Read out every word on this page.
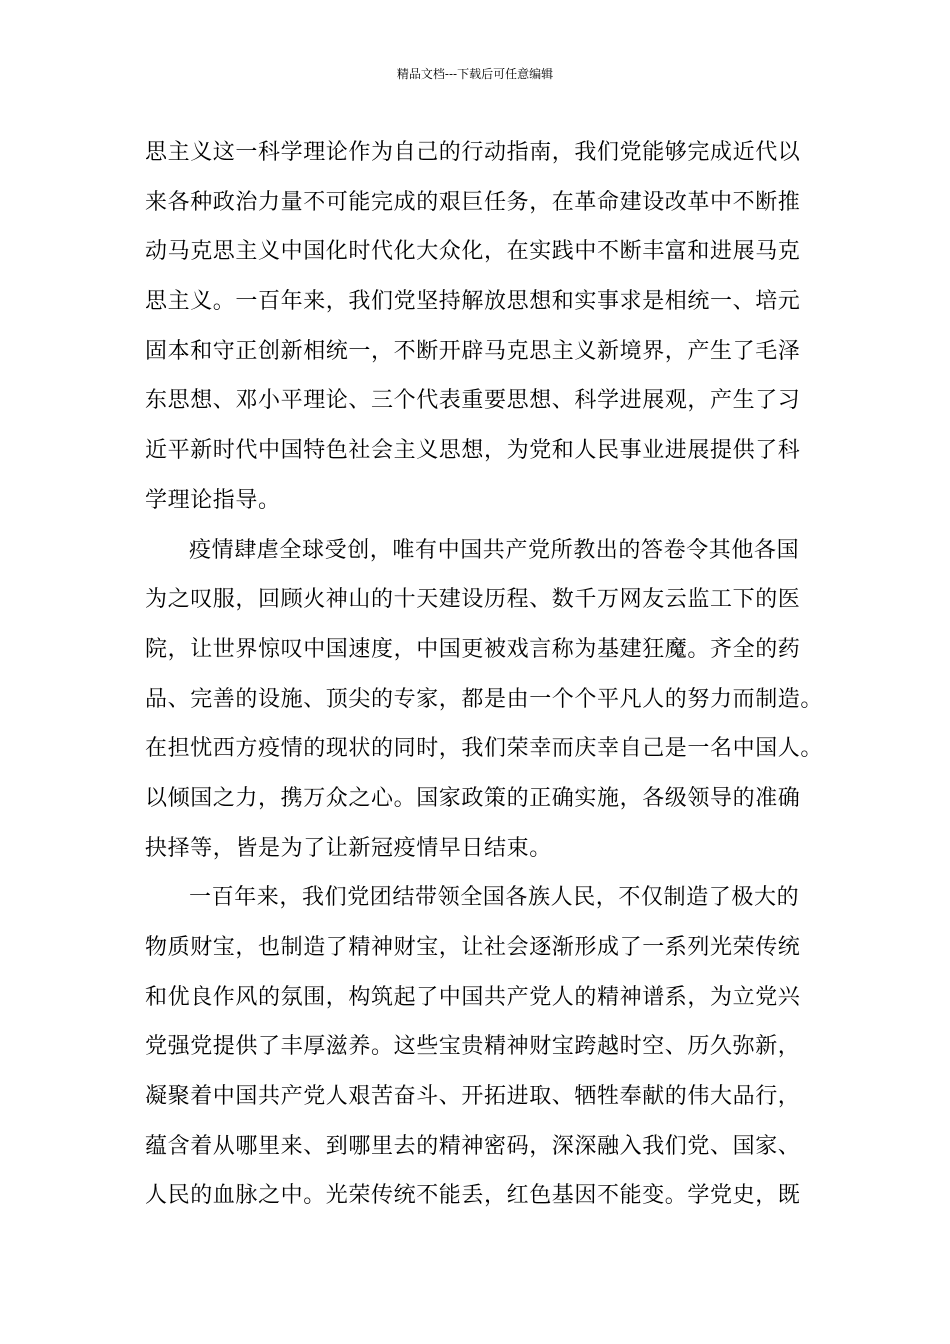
精品文档---下载后可任意编辑
思主义这一科学理论作为自己的行动指南，我们党能够完成近代以
来各种政治力量不可能完成的艰巨任务，在革命建设改革中不断推
动马克思主义中国化时代化大众化，在实践中不断丰富和进展马克
思主义。一百年来，我们党坚持解放思想和实事求是相统一、培元
固本和守正创新相统一，不断开辟马克思主义新境界，产生了毛泽
东思想、邓小平理论、三个代表重要思想、科学进展观，产生了习
近平新时代中国特色社会主义思想，为党和人民事业进展提供了科
学理论指导。
疫情肆虐全球受创，唯有中国共产党所教出的答卷令其他各国
为之叹服，回顾火神山的十天建设历程、数千万网友云监工下的医
院，让世界惊叹中国速度，中国更被戏言称为基建狂魔。齐全的药
品、完善的设施、顶尖的专家，都是由一个个平凡人的努力而制造。
在担忧西方疫情的现状的同时，我们荣幸而庆幸自己是一名中国人。
以倾国之力，携万众之心。国家政策的正确实施，各级领导的准确
抉择等，皆是为了让新冠疫情早日结束。
一百年来，我们党团结带领全国各族人民，不仅制造了极大的
物质财宝，也制造了精神财宝，让社会逐渐形成了一系列光荣传统
和优良作风的氛围，构筑起了中国共产党人的精神谱系，为立党兴
党强党提供了丰厚滋养。这些宝贵精神财宝跨越时空、历久弥新，
凝聚着中国共产党人艰苦奋斗、开拓进取、牺牲奉献的伟大品行，
蕴含着从哪里来、到哪里去的精神密码，深深融入我们党、国家、
人民的血脉之中。光荣传统不能丢，红色基因不能变。学党史，既
